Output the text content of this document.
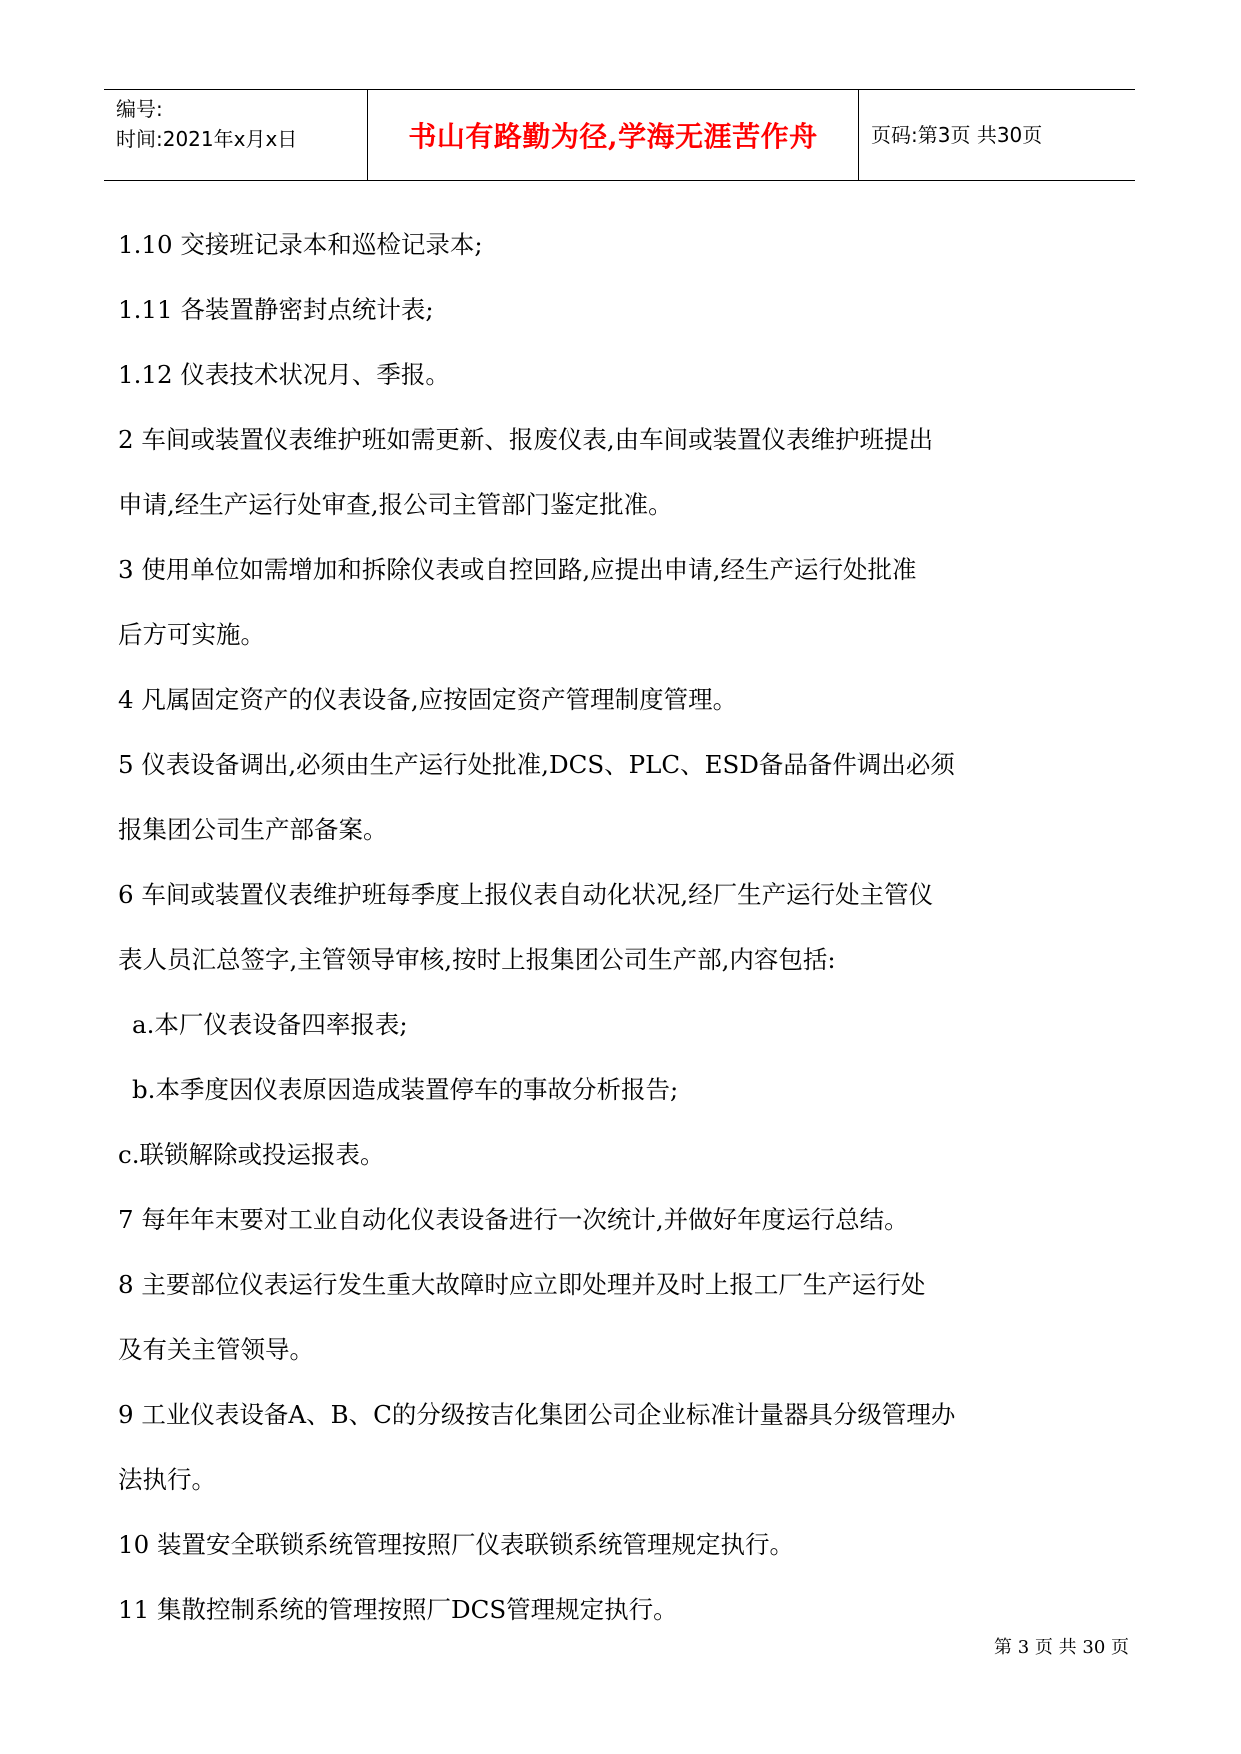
编号:
时间:2021年x月x日	书山有路勤为径,学海无涯苦作舟	页码:第3页 共30页
1.10 交接班记录本和巡检记录本;
1.11 各装置静密封点统计表;
1.12 仪表技术状况月、季报。
2 车间或装置仪表维护班如需更新、报废仪表,由车间或装置仪表维护班提出
申请,经生产运行处审查,报公司主管部门鉴定批准。
3 使用单位如需增加和拆除仪表或自控回路,应提出申请,经生产运行处批准
后方可实施。
4 凡属固定资产的仪表设备,应按固定资产管理制度管理。
5 仪表设备调出,必须由生产运行处批准,DCS、PLC、ESD备品备件调出必须
报集团公司生产部备案。
6 车间或装置仪表维护班每季度上报仪表自动化状况,经厂生产运行处主管仪
表人员汇总签字,主管领导审核,按时上报集团公司生产部,内容包括:
a.本厂仪表设备四率报表;
b.本季度因仪表原因造成装置停车的事故分析报告;
c.联锁解除或投运报表。
7 每年年末要对工业自动化仪表设备进行一次统计,并做好年度运行总结。
8 主要部位仪表运行发生重大故障时应立即处理并及时上报工厂生产运行处
及有关主管领导。
9 工业仪表设备A、B、C的分级按吉化集团公司企业标准计量器具分级管理办
法执行。
10 装置安全联锁系统管理按照厂仪表联锁系统管理规定执行。
11 集散控制系统的管理按照厂DCS管理规定执行。
第 3 页 共 30 页
